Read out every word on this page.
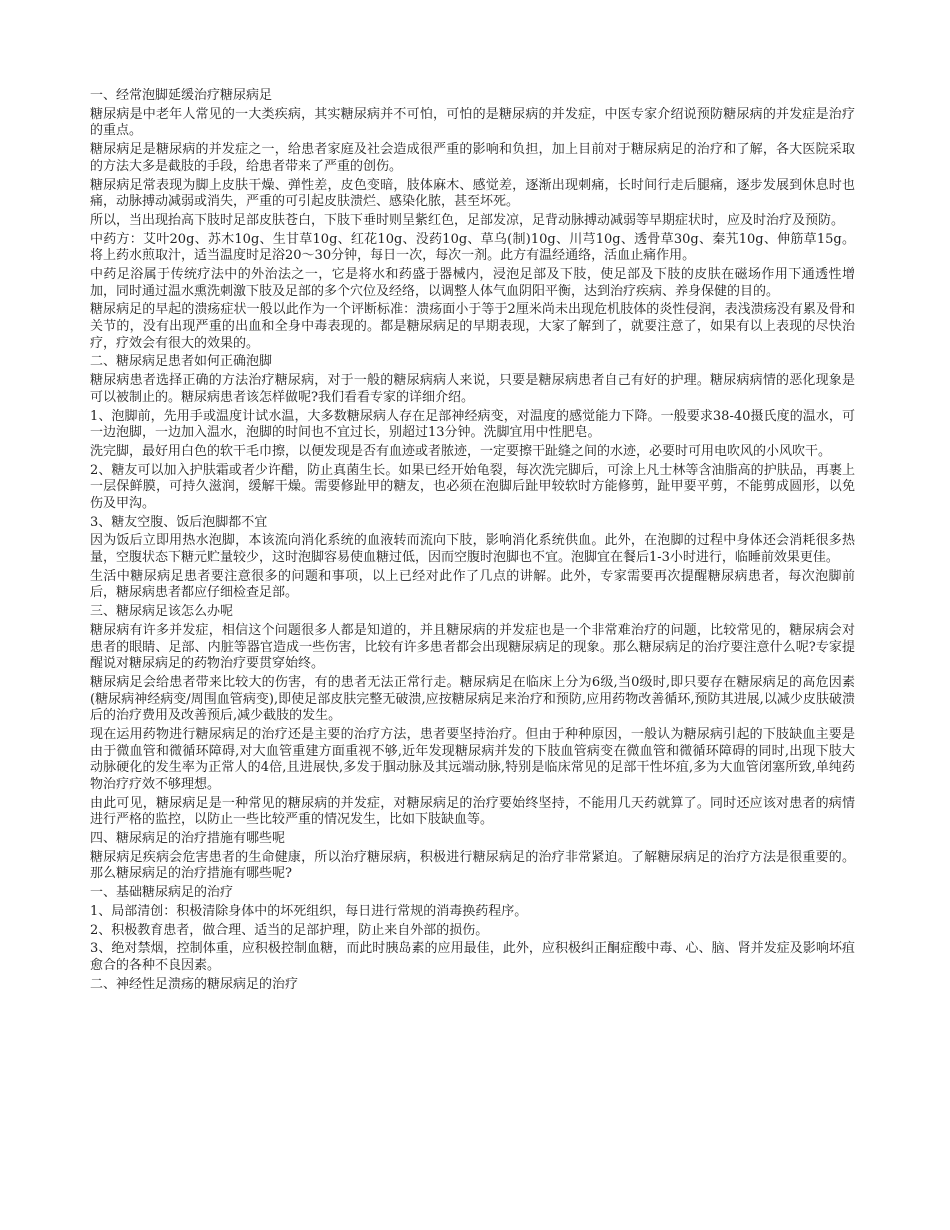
一、经常泡脚延缓治疗糖尿病足

糖尿病是中老年人常见的一大类疾病，其实糖尿病并不可怕，可怕的是糖尿病的并发症，中医专家介绍说预防糖尿病的并发症是治疗的重点。

糖尿病足是糖尿病的并发症之一，给患者家庭及社会造成很严重的影响和负担，加上目前对于糖尿病足的治疗和了解，各大医院采取的方法大多是截肢的手段，给患者带来了严重的创伤。

糖尿病足常表现为脚上皮肤干燥、弹性差，皮色变暗，肢体麻木、感觉差，逐渐出现刺痛，长时间行走后腿痛，逐步发展到休息时也痛，动脉搏动减弱或消失，严重的可引起皮肤溃烂、感染化脓，甚至坏死。

所以，当出现抬高下肢时足部皮肤苍白，下肢下垂时则呈紫红色，足部发凉，足背动脉搏动减弱等早期症状时，应及时治疗及预防。

中药方：艾叶20g、苏木10g、生甘草10g、红花10g、没药10g、草乌(制)10g、川芎10g、透骨草30g、秦艽10g、伸筋草15g。将上药水煎取汁，适当温度时足浴20～30分钟，每日一次，每次一剂。此方有温经通络，活血止痛作用。

中药足浴属于传统疗法中的外治法之一，它是将水和药盛于器械内，浸泡足部及下肢，使足部及下肢的皮肤在磁场作用下通透性增加，同时通过温水熏洗刺激下肢及足部的多个穴位及经络，以调整人体气血阴阳平衡，达到治疗疾病、养身保健的目的。

糖尿病足的早起的溃疡症状一般以此作为一个评断标准：溃疡面小于等于2厘米尚未出现危机肢体的炎性侵润，表浅溃疡没有累及骨和关节的，没有出现严重的出血和全身中毒表现的。都是糖尿病足的早期表现，大家了解到了，就要注意了，如果有以上表现的尽快治疗，疗效会有很大的效果的。

二、糖尿病足患者如何正确泡脚

糖尿病患者选择正确的方法治疗糖尿病，对于一般的糖尿病病人来说，只要是糖尿病患者自己有好的护理。糖尿病病情的恶化现象是可以被制止的。糖尿病患者该怎样做呢?我们看看专家的详细介绍。

1、泡脚前，先用手或温度计试水温，大多数糖尿病人存在足部神经病变，对温度的感觉能力下降。一般要求38-40摄氏度的温水，可一边泡脚，一边加入温水，泡脚的时间也不宜过长，别超过13分钟。洗脚宜用中性肥皂。

洗完脚，最好用白色的软干毛巾擦，以便发现是否有血迹或者脓迹，一定要擦干趾缝之间的水迹，必要时可用电吹风的小风吹干。

2、糖友可以加入护肤霜或者少许醋，防止真菌生长。如果已经开始龟裂，每次洗完脚后，可涂上凡士林等含油脂高的护肤品，再裹上一层保鲜膜，可持久滋润，缓解干燥。需要修趾甲的糖友，也必须在泡脚后趾甲较软时方能修剪，趾甲要平剪，不能剪成圆形，以免伤及甲沟。

3、糖友空腹、饭后泡脚都不宜

因为饭后立即用热水泡脚，本该流向消化系统的血液转而流向下肢，影响消化系统供血。此外，在泡脚的过程中身体还会消耗很多热量，空腹状态下糖元贮量较少，这时泡脚容易使血糖过低，因而空腹时泡脚也不宜。泡脚宜在餐后1-3小时进行，临睡前效果更佳。

生活中糖尿病足患者要注意很多的问题和事项，以上已经对此作了几点的讲解。此外，专家需要再次提醒糖尿病患者，每次泡脚前后，糖尿病患者都应仔细检查足部。

三、糖尿病足该怎么办呢

糖尿病有许多并发症，相信这个问题很多人都是知道的，并且糖尿病的并发症也是一个非常难治疗的问题，比较常见的，糖尿病会对患者的眼睛、足部、内脏等器官造成一些伤害，比较有许多患者都会出现糖尿病足的现象。那么糖尿病足的治疗要注意什么呢?专家提醒说对糖尿病足的药物治疗要贯穿始终。

糖尿病足会给患者带来比较大的伤害，有的患者无法正常行走。糖尿病足在临床上分为6级,当0级时,即只要存在糖尿病足的高危因素(糖尿病神经病变/周围血管病变),即使足部皮肤完整无破溃,应按糖尿病足来治疗和预防,应用药物改善循环,预防其进展,以减少皮肤破溃后的治疗费用及改善预后,减少截肢的发生。

现在运用药物进行糖尿病足的治疗还是主要的治疗方法，患者要坚持治疗。但由于种种原因，一般认为糖尿病引起的下肢缺血主要是由于微血管和微循环障碍,对大血管重建方面重视不够,近年发现糖尿病并发的下肢血管病变在微血管和微循环障碍的同时,出现下肢大动脉硬化的发生率为正常人的4倍,且进展快,多发于腘动脉及其远端动脉,特别是临床常见的足部干性坏疽,多为大血管闭塞所致,单纯药物治疗疗效不够理想。

由此可见，糖尿病足是一种常见的糖尿病的并发症，对糖尿病足的治疗要始终坚持，不能用几天药就算了。同时还应该对患者的病情进行严格的监控，以防止一些比较严重的情况发生，比如下肢缺血等。

四、糖尿病足的治疗措施有哪些呢

糖尿病足疾病会危害患者的生命健康，所以治疗糖尿病，积极进行糖尿病足的治疗非常紧迫。了解糖尿病足的治疗方法是很重要的。那么糖尿病足的治疗措施有哪些呢?

一、基础糖尿病足的治疗

1、局部清创：积极清除身体中的坏死组织，每日进行常规的消毒换药程序。

2、积极教育患者，做合理、适当的足部护理，防止来自外部的损伤。

3、绝对禁烟，控制体重，应积极控制血糖，而此时胰岛素的应用最佳，此外，应积极纠正酮症酸中毒、心、脑、肾并发症及影响坏疽愈合的各种不良因素。

二、神经性足溃疡的糖尿病足的治疗
